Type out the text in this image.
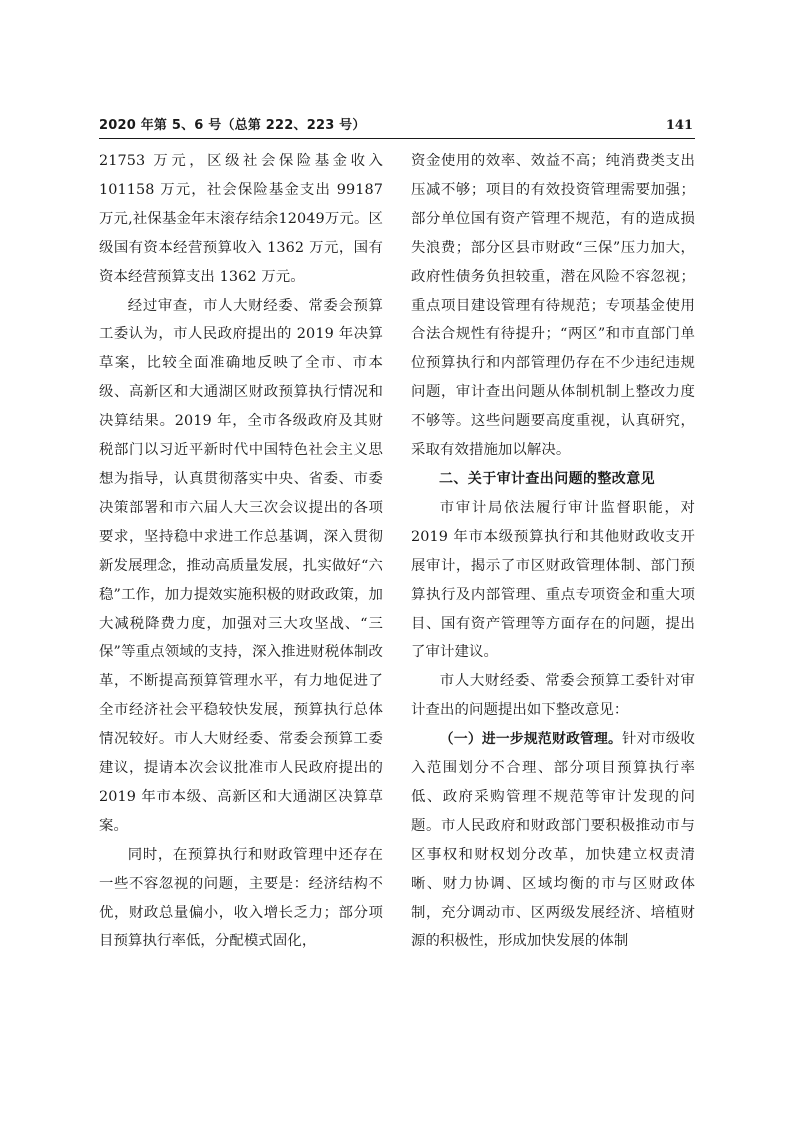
2020 年第 5、6 号（总第 222、223 号）	141

21753 万元，区级社会保险基金收入 101158 万元，社会保险基金支出 99187 万元,社保基金年末滚存结余12049万元。区级国有资本经营预算收入 1362 万元，国有资本经营预算支出 1362 万元。

经过审查，市人大财经委、常委会预算工委认为，市人民政府提出的 2019 年决算草案，比较全面准确地反映了全市、市本级、高新区和大通湖区财政预算执行情况和决算结果。2019 年，全市各级政府及其财税部门以习近平新时代中国特色社会主义思想为指导，认真贯彻落实中央、省委、市委决策部署和市六届人大三次会议提出的各项要求，坚持稳中求进工作总基调，深入贯彻新发展理念，推动高质量发展，扎实做好“六稳”工作，加力提效实施积极的财政政策，加大减税降费力度，加强对三大攻坚战、“三保”等重点领域的支持，深入推进财税体制改革，不断提高预算管理水平，有力地促进了全市经济社会平稳较快发展，预算执行总体情况较好。市人大财经委、常委会预算工委建议，提请本次会议批准市人民政府提出的 2019 年市本级、高新区和大通湖区决算草案。

同时，在预算执行和财政管理中还存在一些不容忽视的问题，主要是：经济结构不优，财政总量偏小，收入增长乏力；部分项目预算执行率低，分配模式固化，

资金使用的效率、效益不高；纯消费类支出压减不够；项目的有效投资管理需要加强；部分单位国有资产管理不规范，有的造成损失浪费；部分区县市财政“三保”压力加大，政府性债务负担较重，潜在风险不容忽视；重点项目建设管理有待规范；专项基金使用合法合规性有待提升；“两区”和市直部门单位预算执行和内部管理仍存在不少违纪违规问题，审计查出问题从体制机制上整改力度不够等。这些问题要高度重视，认真研究，采取有效措施加以解决。

二、关于审计查出问题的整改意见

市审计局依法履行审计监督职能，对 2019 年市本级预算执行和其他财政收支开展审计，揭示了市区财政管理体制、部门预算执行及内部管理、重点专项资金和重大项目、国有资产管理等方面存在的问题，提出了审计建议。

市人大财经委、常委会预算工委针对审计查出的问题提出如下整改意见：

（一）进一步规范财政管理。针对市级收入范围划分不合理、部分项目预算执行率低、政府采购管理不规范等审计发现的问题。市人民政府和财政部门要积极推动市与区事权和财权划分改革，加快建立权责清晰、财力协调、区域均衡的市与区财政体制，充分调动市、区两级发展经济、培植财源的积极性，形成加快发展的体制
